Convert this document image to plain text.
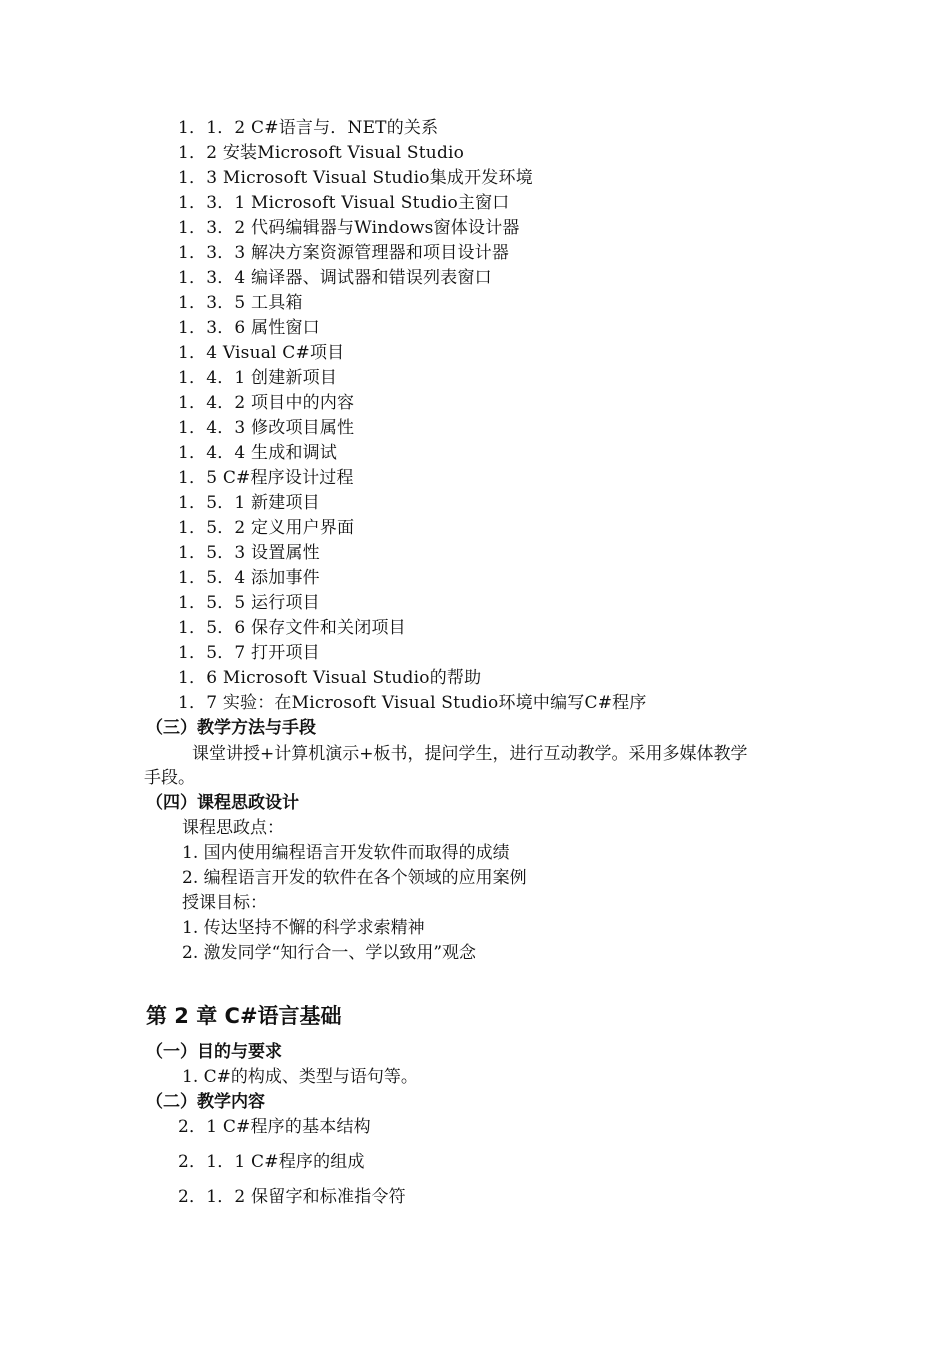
1．1．2 C#语言与．NET的关系
1．2 安装Microsoft Visual Studio
1．3 Microsoft Visual Studio集成开发环境
1．3．1 Microsoft Visual Studio主窗口
1．3．2 代码编辑器与Windows窗体设计器
1．3．3 解决方案资源管理器和项目设计器
1．3．4 编译器、调试器和错误列表窗口
1．3．5 工具箱
1．3．6 属性窗口
1．4 Visual C#项目
1．4．1 创建新项目
1．4．2 项目中的内容
1．4．3 修改项目属性
1．4．4 生成和调试
1．5 C#程序设计过程
1．5．1 新建项目
1．5．2 定义用户界面
1．5．3 设置属性
1．5．4 添加事件
1．5．5 运行项目
1．5．6 保存文件和关闭项目
1．5．7 打开项目
1．6 Microsoft Visual Studio的帮助
1．7 实验：在Microsoft Visual Studio环境中编写C#程序
（三）教学方法与手段
课堂讲授+计算机演示+板书，提问学生，进行互动教学。采用多媒体教学
手段。
（四）课程思政设计
课程思政点：
1. 国内使用编程语言开发软件而取得的成绩
2. 编程语言开发的软件在各个领域的应用案例
授课目标：
1. 传达坚持不懈的科学求索精神
2. 激发同学“知行合一、学以致用”观念
第 2 章 C#语言基础
（一）目的与要求
1. C#的构成、类型与语句等。
（二）教学内容
2．1 C#程序的基本结构
2．1．1 C#程序的组成
2．1．2 保留字和标准指令符
